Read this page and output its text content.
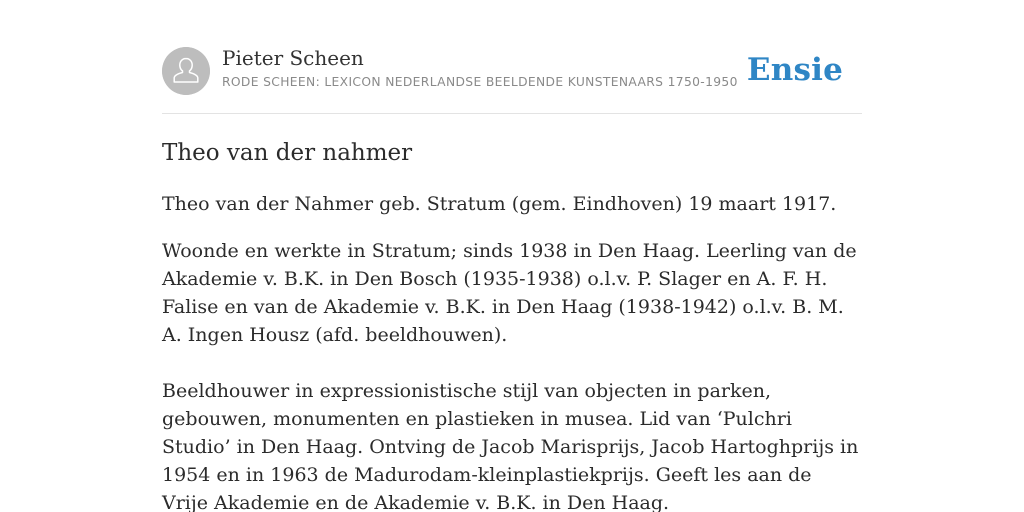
Pieter Scheen
RODE SCHEEN: LEXICON NEDERLANDSE BEELDENDE KUNSTENAARS 1750-1950 Ensie
Theo van der nahmer

Theo van der Nahmer geb. Stratum (gem. Eindhoven) 19 maart 1917.

Woonde en werkte in Stratum; sinds 1938 in Den Haag. Leerling van de Akademie v. B.K. in Den Bosch (1935-1938) o.l.v. P. Slager en A. F. H. Falise en van de Akademie v. B.K. in Den Haag (1938-1942) o.l.v. B. M. A. Ingen Housz (afd. beeldhouwen).

Beeldhouwer in expressionistische stijl van objecten in parken, gebouwen, monumenten en plastieken in musea. Lid van ‘Pulchri Studio’ in Den Haag. Ontving de Jacob Marisprijs, Jacob Hartoghprijs in 1954 en in 1963 de Madurodam-kleinplastiekprijs. Geeft les aan de Vrije Akademie en de Akademie v. B.K. in Den Haag.
